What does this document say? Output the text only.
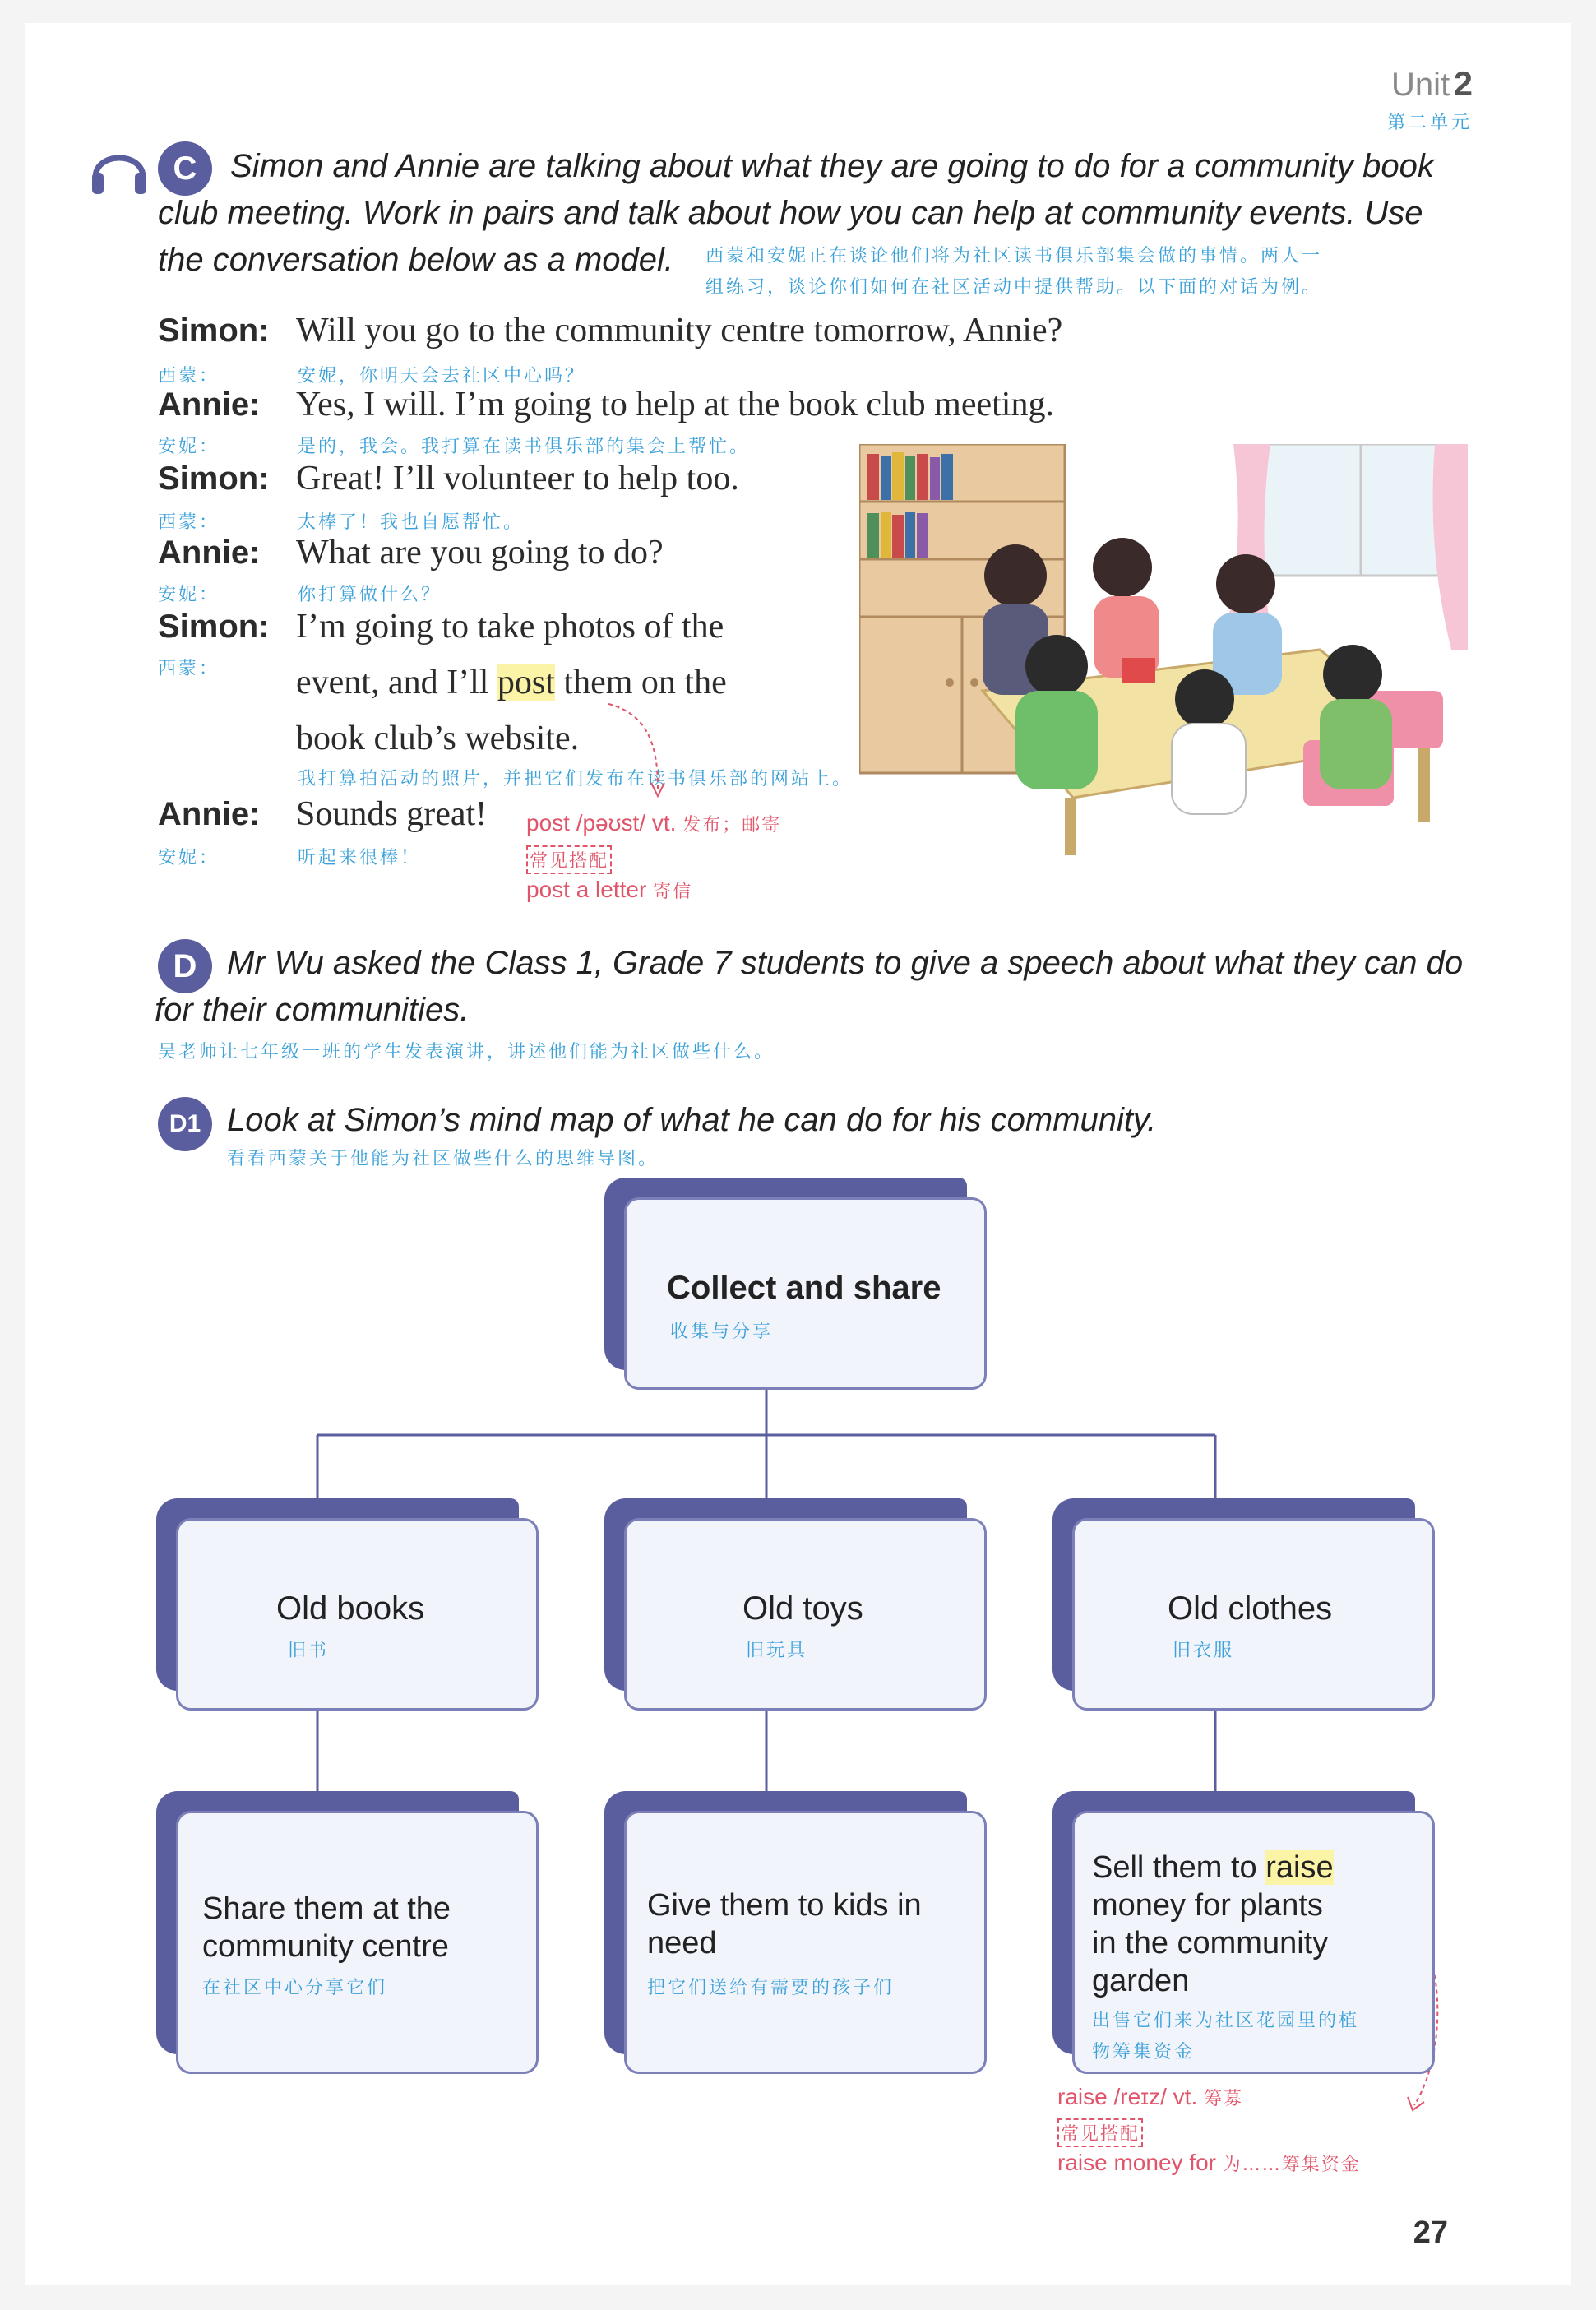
Unit 2
第二单元
C	Simon and Annie are talking about what they are going to do for a community book
club meeting. Work in pairs and talk about how you can help at community events. Use
the conversation below as a model.	西蒙和安妮正在谈论他们将为社区读书俱乐部集会做的事情。两人一
组练习，谈论你们如何在社区活动中提供帮助。以下面的对话为例。
Simon: Will you go to the community centre tomorrow, Annie?
西蒙：	安妮，你明天会去社区中心吗？
Annie: Yes, I will. I’m going to help at the book club meeting.
安妮：	是的，我会。我打算在读书俱乐部的集会上帮忙。
Simon: Great! I’ll volunteer to help too.
西蒙：	太棒了！我也自愿帮忙。
Annie: What are you going to do?
安妮：	你打算做什么？
Simon: I’m going to take photos of the
西蒙： event, and I’ll post them on the
book club’s website.
我打算拍活动的照片，并把它们发布在读书俱乐部的网站上。
Annie: Sounds great!
安妮：	听起来很棒！
post /pəʊst/ vt. 发布；邮寄
常见搭配
post a letter 寄信
D Mr Wu asked the Class 1, Grade 7 students to give a speech about what they can do
for their communities.
吴老师让七年级一班的学生发表演讲，讲述他们能为社区做些什么。
D1 Look at Simon’s mind map of what he can do for his community.
看看西蒙关于他能为社区做些什么的思维导图。
Collect and share
收集与分享
Old books
旧书
Old toys
旧玩具
Old clothes
旧衣服
Share them at the
community centre
在社区中心分享它们
Give them to kids in
need
把它们送给有需要的孩子们
Sell them to raise
money for plants
in the community
garden
出售它们来为社区花园里的植
物筹集资金
raise /reɪz/ vt. 筹募
常见搭配
raise money for 为……筹集资金
27
